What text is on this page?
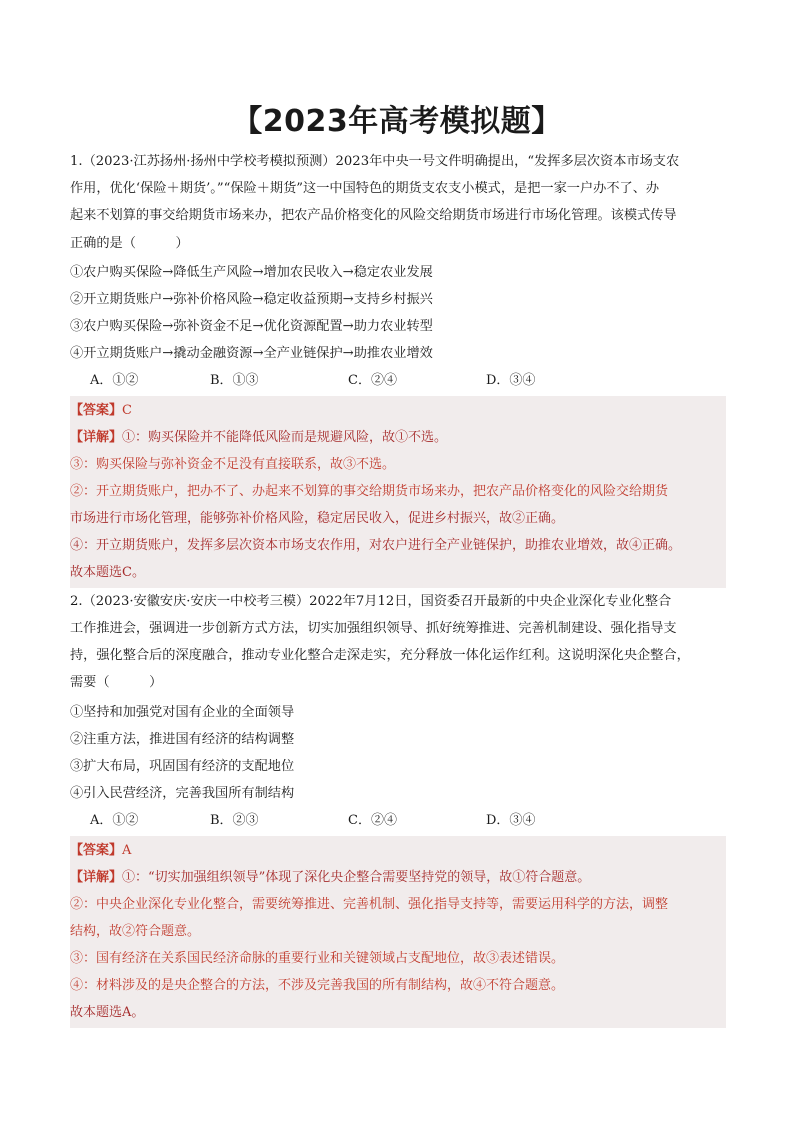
【2023年高考模拟题】
1.（2023·江苏扬州·扬州中学校考模拟预测）2023年中央一号文件明确提出，“发挥多层次资本市场支农
作用，优化‘保险＋期货’。”“保险＋期货”这一中国特色的期货支农支小模式，是把一家一户办不了、办
起来不划算的事交给期货市场来办，把农产品价格变化的风险交给期货市场进行市场化管理。该模式传导
正确的是（　　　）
①农户购买保险→降低生产风险→增加农民收入→稳定农业发展
②开立期货账户→弥补价格风险→稳定收益预期→支持乡村振兴
③农户购买保险→弥补资金不足→优化资源配置→助力农业转型
④开立期货账户→撬动金融资源→全产业链保护→助推农业增效
A．①②	B．①③	C．②④	D．③④
【答案】C
【详解】①：购买保险并不能降低风险而是规避风险，故①不选。
③：购买保险与弥补资金不足没有直接联系，故③不选。
②：开立期货账户，把办不了、办起来不划算的事交给期货市场来办，把农产品价格变化的风险交给期货
市场进行市场化管理，能够弥补价格风险，稳定居民收入，促进乡村振兴，故②正确。
④：开立期货账户，发挥多层次资本市场支农作用，对农户进行全产业链保护，助推农业增效，故④正确。
故本题选C。
2.（2023·安徽安庆·安庆一中校考三模）2022年7月12日，国资委召开最新的中央企业深化专业化整合
工作推进会，强调进一步创新方式方法，切实加强组织领导、抓好统筹推进、完善机制建设、强化指导支
持，强化整合后的深度融合，推动专业化整合走深走实，充分释放一体化运作红利。这说明深化央企整合，
需要（　　　）
①坚持和加强党对国有企业的全面领导
②注重方法，推进国有经济的结构调整
③扩大布局，巩固国有经济的支配地位
④引入民营经济，完善我国所有制结构
A．①②	B．②③	C．②④	D．③④
【答案】A
【详解】①：“切实加强组织领导”体现了深化央企整合需要坚持党的领导，故①符合题意。
②：中央企业深化专业化整合，需要统筹推进、完善机制、强化指导支持等，需要运用科学的方法，调整
结构，故②符合题意。
③：国有经济在关系国民经济命脉的重要行业和关键领域占支配地位，故③表述错误。
④：材料涉及的是央企整合的方法，不涉及完善我国的所有制结构，故④不符合题意。
故本题选A。
